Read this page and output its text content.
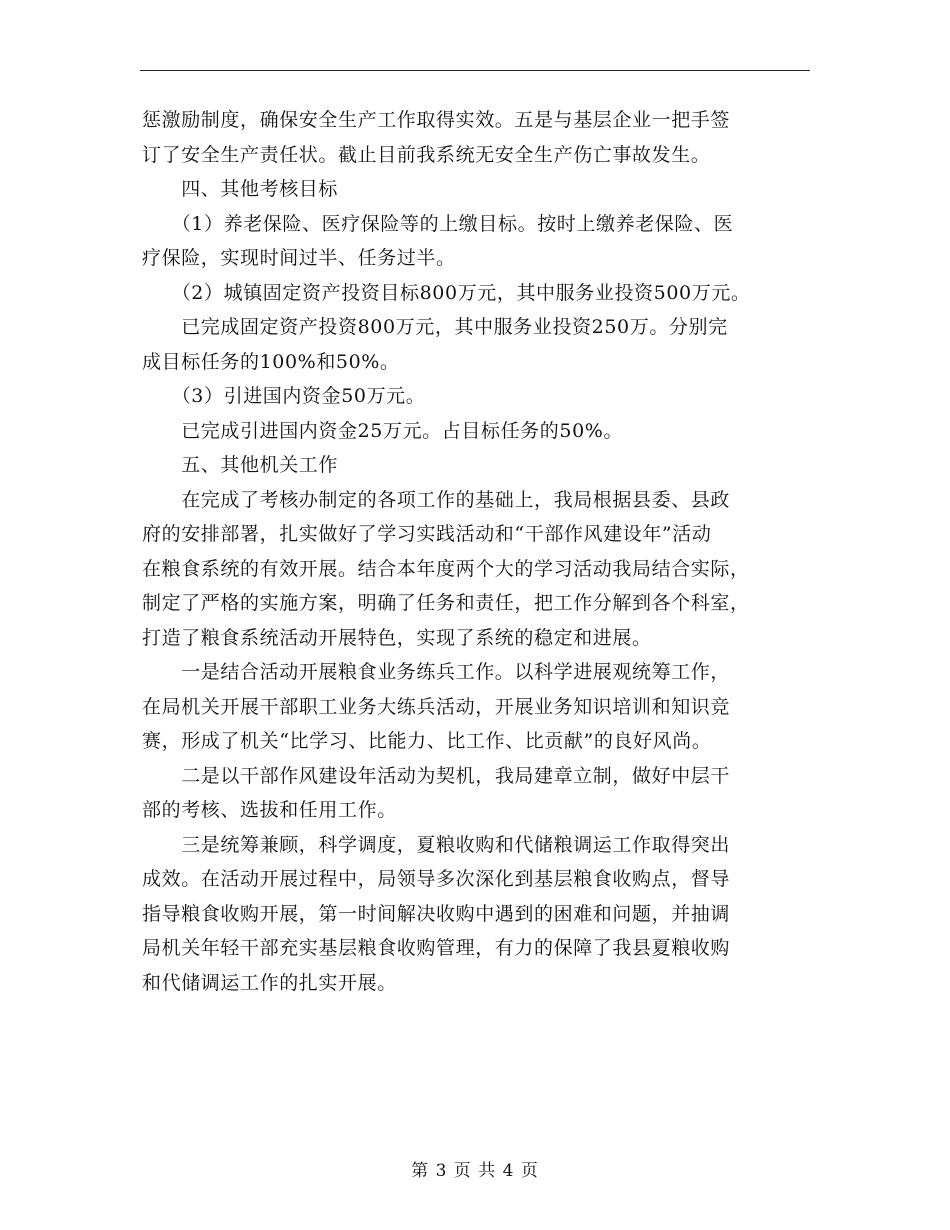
惩激励制度，确保安全生产工作取得实效。五是与基层企业一把手签
订了安全生产责任状。截止目前我系统无安全生产伤亡事故发生。
　　四、其他考核目标
　　（1）养老保险、医疗保险等的上缴目标。按时上缴养老保险、医
疗保险，实现时间过半、任务过半。
　　（2）城镇固定资产投资目标800万元，其中服务业投资500万元。
　　已完成固定资产投资800万元，其中服务业投资250万。分别完
成目标任务的100%和50%。
　　（3）引进国内资金50万元。
　　已完成引进国内资金25万元。占目标任务的50%。
　　五、其他机关工作
　　在完成了考核办制定的各项工作的基础上，我局根据县委、县政
府的安排部署，扎实做好了学习实践活动和“干部作风建设年”活动
在粮食系统的有效开展。结合本年度两个大的学习活动我局结合实际，
制定了严格的实施方案，明确了任务和责任，把工作分解到各个科室，
打造了粮食系统活动开展特色，实现了系统的稳定和进展。
　　一是结合活动开展粮食业务练兵工作。以科学进展观统筹工作，
在局机关开展干部职工业务大练兵活动，开展业务知识培训和知识竞
赛，形成了机关“比学习、比能力、比工作、比贡献”的良好风尚。
　　二是以干部作风建设年活动为契机，我局建章立制，做好中层干
部的考核、选拔和任用工作。
　　三是统筹兼顾，科学调度，夏粮收购和代储粮调运工作取得突出
成效。在活动开展过程中，局领导多次深化到基层粮食收购点，督导
指导粮食收购开展，第一时间解决收购中遇到的困难和问题，并抽调
局机关年轻干部充实基层粮食收购管理，有力的保障了我县夏粮收购
和代储调运工作的扎实开展。
第 3 页 共 4 页
